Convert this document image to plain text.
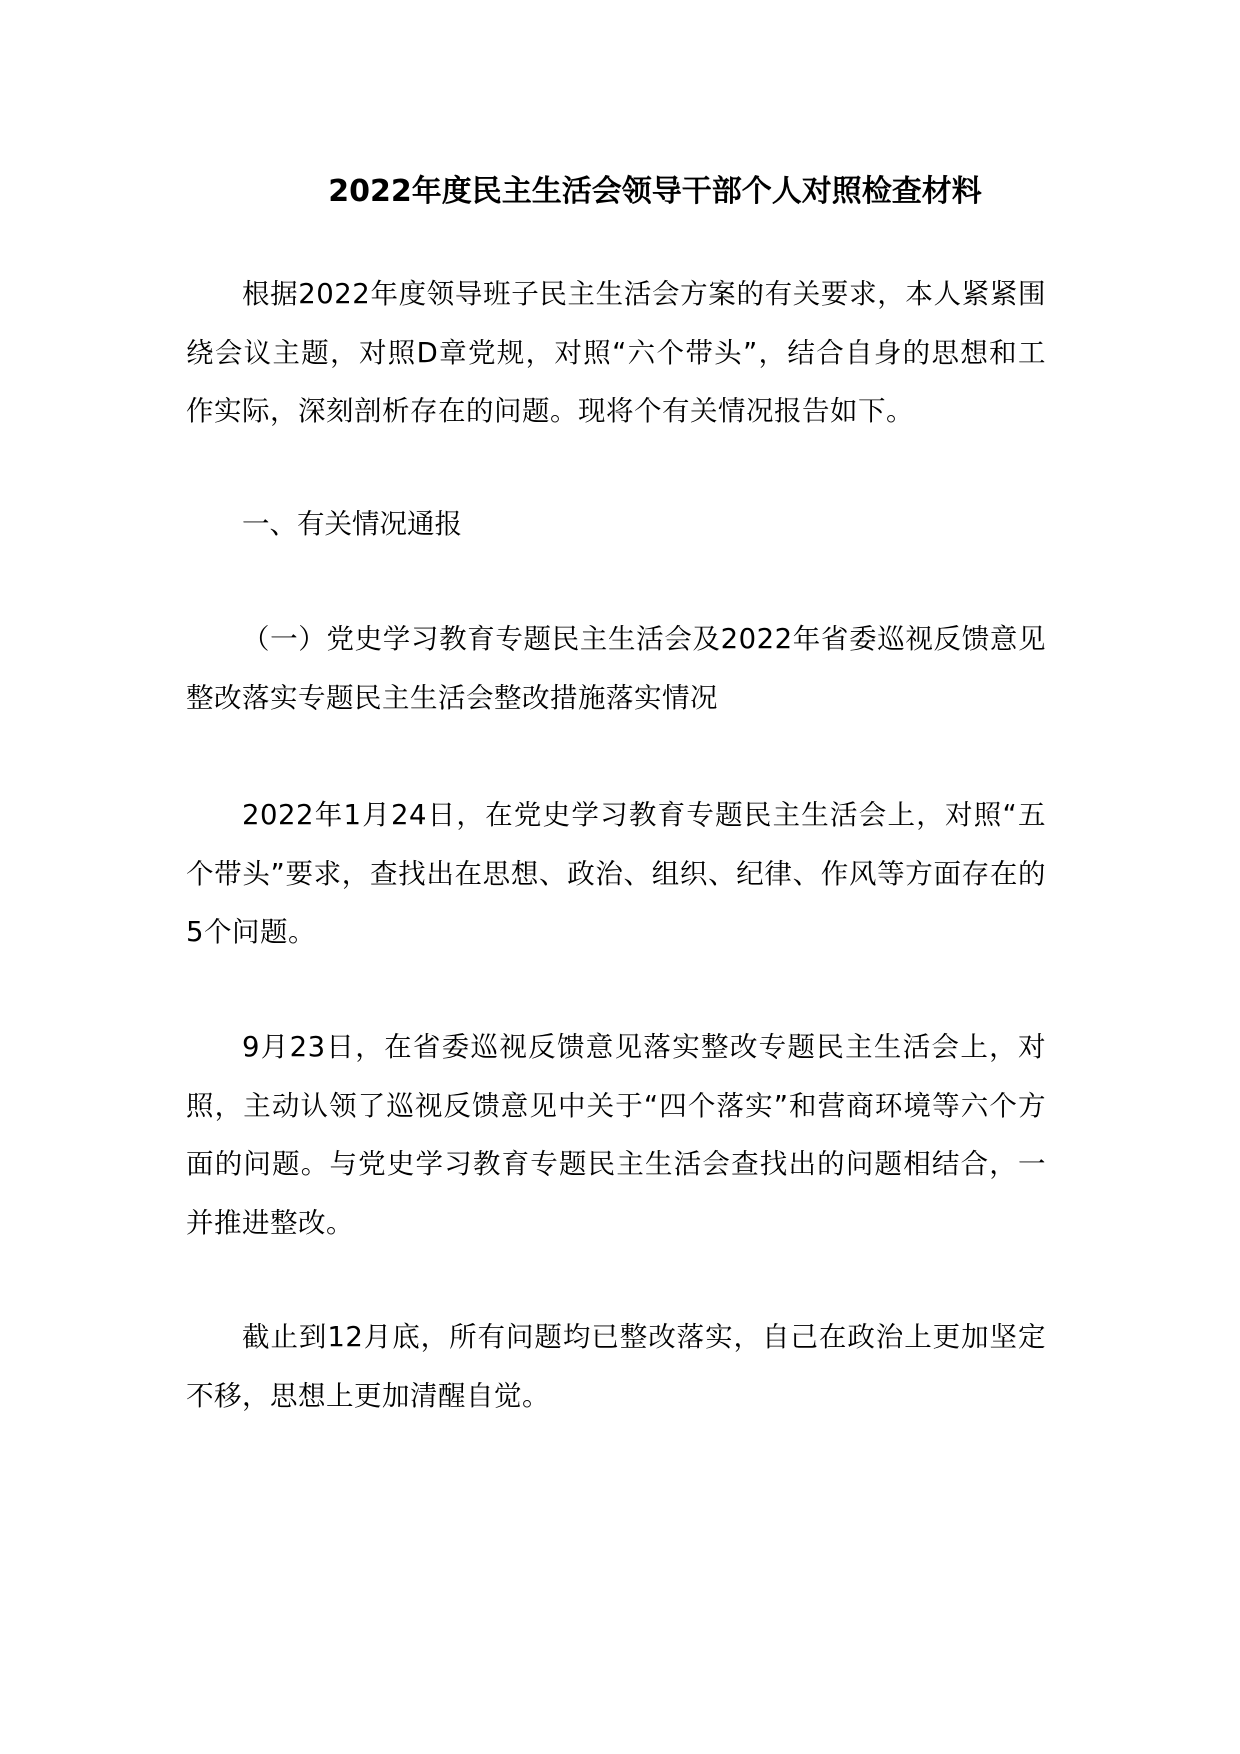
2022年度民主生活会领导干部个人对照检查材料

根据2022年度领导班子民主生活会方案的有关要求，本人紧紧围绕会议主题，对照D章党规，对照“六个带头”，结合自身的思想和工作实际，深刻剖析存在的问题。现将个有关情况报告如下。

一、有关情况通报

（一）党史学习教育专题民主生活会及2022年省委巡视反馈意见整改落实专题民主生活会整改措施落实情况

2022年1月24日，在党史学习教育专题民主生活会上，对照“五个带头”要求，查找出在思想、政治、组织、纪律、作风等方面存在的5个问题。

9月23日，在省委巡视反馈意见落实整改专题民主生活会上，对照，主动认领了巡视反馈意见中关于“四个落实”和营商环境等六个方面的问题。与党史学习教育专题民主生活会查找出的问题相结合，一并推进整改。

截止到12月底，所有问题均已整改落实，自己在政治上更加坚定不移，思想上更加清醒自觉。
